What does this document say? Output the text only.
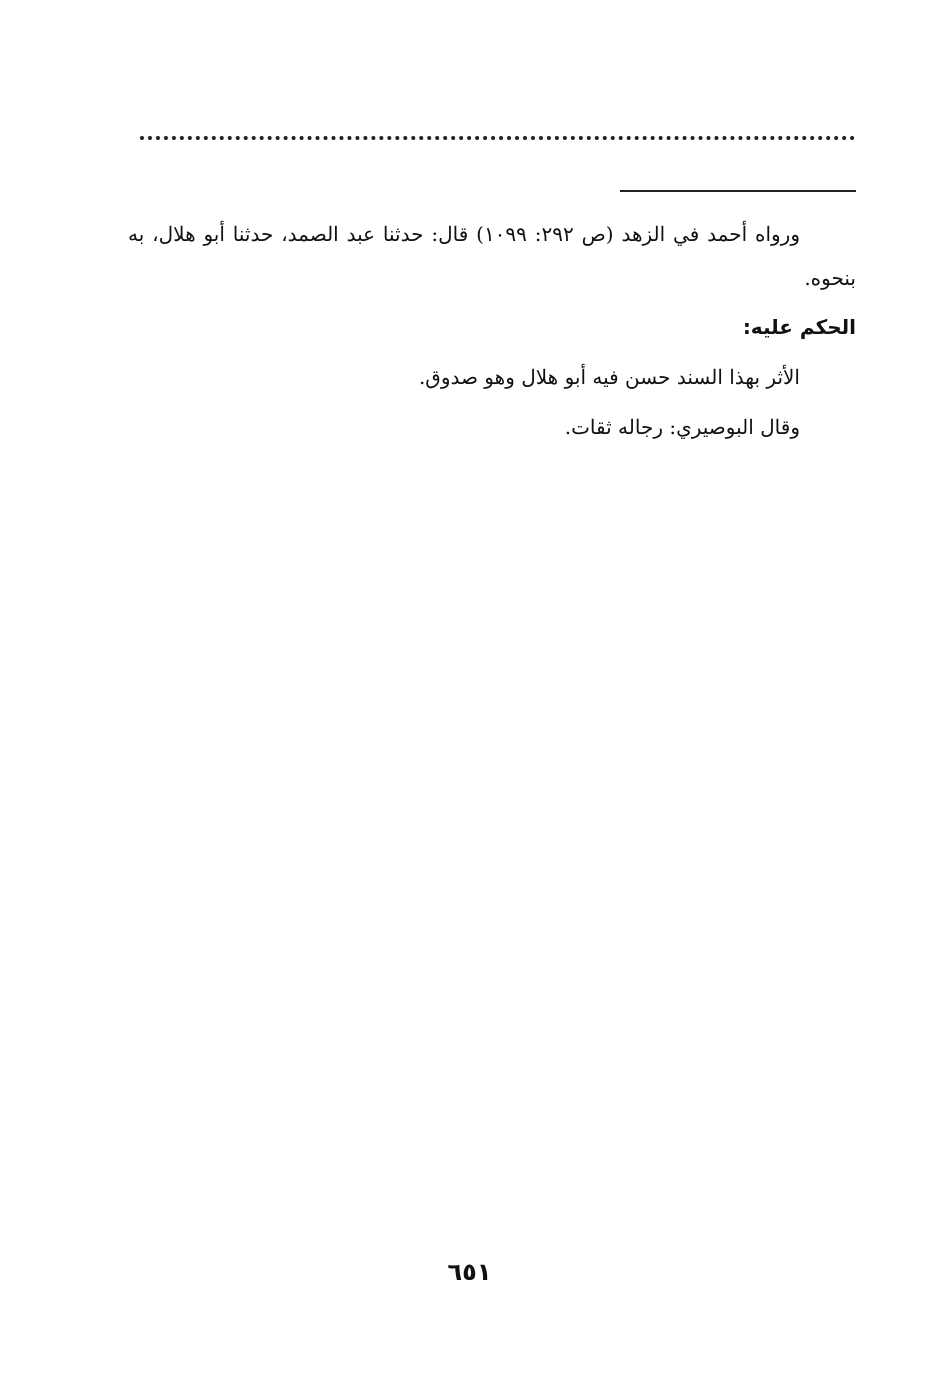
ورواه أحمد في الزهد (ص ٢٩٢: ١٠٩٩) قال: حدثنا عبد الصمد، حدثنا أبو هلال، به بنحوه.

الحكم عليه:

الأثر بهذا السند حسن فيه أبو هلال وهو صدوق.

وقال البوصيري: رجاله ثقات.

٦٥١
